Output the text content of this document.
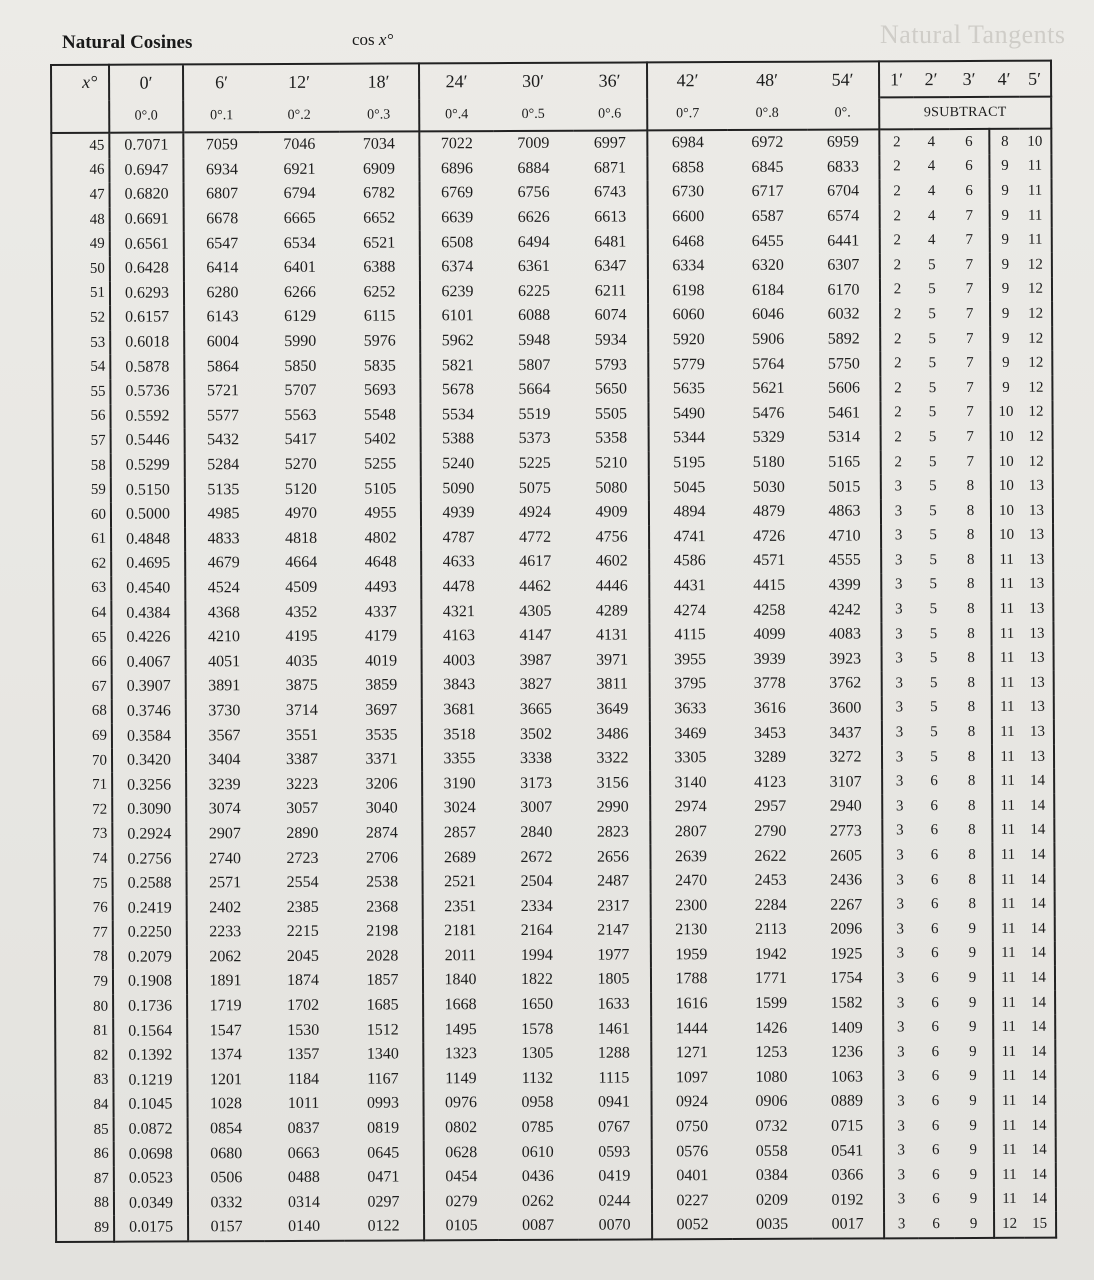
Natural Tangents
Natural Cosines	cos x°
x°	0′	6′	12′	18′	24′	30′	36′	42′	48′	54′	1′	2′	3′	4′	5′
	0°.0	0°.1	0°.2	0°.3	0°.4	0°.5	0°.6	0°.7	0°.8	0°.	9SUBTRACT				
45	0.7071	7059	7046	7034	7022	7009	6997	6984	6972	6959	2	4	6	8	10
46	0.6947	6934	6921	6909	6896	6884	6871	6858	6845	6833	2	4	6	9	11
47	0.6820	6807	6794	6782	6769	6756	6743	6730	6717	6704	2	4	6	9	11
48	0.6691	6678	6665	6652	6639	6626	6613	6600	6587	6574	2	4	7	9	11
49	0.6561	6547	6534	6521	6508	6494	6481	6468	6455	6441	2	4	7	9	11
50	0.6428	6414	6401	6388	6374	6361	6347	6334	6320	6307	2	5	7	9	12
51	0.6293	6280	6266	6252	6239	6225	6211	6198	6184	6170	2	5	7	9	12
52	0.6157	6143	6129	6115	6101	6088	6074	6060	6046	6032	2	5	7	9	12
53	0.6018	6004	5990	5976	5962	5948	5934	5920	5906	5892	2	5	7	9	12
54	0.5878	5864	5850	5835	5821	5807	5793	5779	5764	5750	2	5	7	9	12
55	0.5736	5721	5707	5693	5678	5664	5650	5635	5621	5606	2	5	7	9	12
56	0.5592	5577	5563	5548	5534	5519	5505	5490	5476	5461	2	5	7	10	12
57	0.5446	5432	5417	5402	5388	5373	5358	5344	5329	5314	2	5	7	10	12
58	0.5299	5284	5270	5255	5240	5225	5210	5195	5180	5165	2	5	7	10	12
59	0.5150	5135	5120	5105	5090	5075	5080	5045	5030	5015	3	5	8	10	13
60	0.5000	4985	4970	4955	4939	4924	4909	4894	4879	4863	3	5	8	10	13
61	0.4848	4833	4818	4802	4787	4772	4756	4741	4726	4710	3	5	8	10	13
62	0.4695	4679	4664	4648	4633	4617	4602	4586	4571	4555	3	5	8	11	13
63	0.4540	4524	4509	4493	4478	4462	4446	4431	4415	4399	3	5	8	11	13
64	0.4384	4368	4352	4337	4321	4305	4289	4274	4258	4242	3	5	8	11	13
65	0.4226	4210	4195	4179	4163	4147	4131	4115	4099	4083	3	5	8	11	13
66	0.4067	4051	4035	4019	4003	3987	3971	3955	3939	3923	3	5	8	11	13
67	0.3907	3891	3875	3859	3843	3827	3811	3795	3778	3762	3	5	8	11	13
68	0.3746	3730	3714	3697	3681	3665	3649	3633	3616	3600	3	5	8	11	13
69	0.3584	3567	3551	3535	3518	3502	3486	3469	3453	3437	3	5	8	11	13
70	0.3420	3404	3387	3371	3355	3338	3322	3305	3289	3272	3	5	8	11	13
71	0.3256	3239	3223	3206	3190	3173	3156	3140	4123	3107	3	6	8	11	14
72	0.3090	3074	3057	3040	3024	3007	2990	2974	2957	2940	3	6	8	11	14
73	0.2924	2907	2890	2874	2857	2840	2823	2807	2790	2773	3	6	8	11	14
74	0.2756	2740	2723	2706	2689	2672	2656	2639	2622	2605	3	6	8	11	14
75	0.2588	2571	2554	2538	2521	2504	2487	2470	2453	2436	3	6	8	11	14
76	0.2419	2402	2385	2368	2351	2334	2317	2300	2284	2267	3	6	8	11	14
77	0.2250	2233	2215	2198	2181	2164	2147	2130	2113	2096	3	6	9	11	14
78	0.2079	2062	2045	2028	2011	1994	1977	1959	1942	1925	3	6	9	11	14
79	0.1908	1891	1874	1857	1840	1822	1805	1788	1771	1754	3	6	9	11	14
80	0.1736	1719	1702	1685	1668	1650	1633	1616	1599	1582	3	6	9	11	14
81	0.1564	1547	1530	1512	1495	1578	1461	1444	1426	1409	3	6	9	11	14
82	0.1392	1374	1357	1340	1323	1305	1288	1271	1253	1236	3	6	9	11	14
83	0.1219	1201	1184	1167	1149	1132	1115	1097	1080	1063	3	6	9	11	14
84	0.1045	1028	1011	0993	0976	0958	0941	0924	0906	0889	3	6	9	11	14
85	0.0872	0854	0837	0819	0802	0785	0767	0750	0732	0715	3	6	9	11	14
86	0.0698	0680	0663	0645	0628	0610	0593	0576	0558	0541	3	6	9	11	14
87	0.0523	0506	0488	0471	0454	0436	0419	0401	0384	0366	3	6	9	11	14
88	0.0349	0332	0314	0297	0279	0262	0244	0227	0209	0192	3	6	9	11	14
89	0.0175	0157	0140	0122	0105	0087	0070	0052	0035	0017	3	6	9	12	15
